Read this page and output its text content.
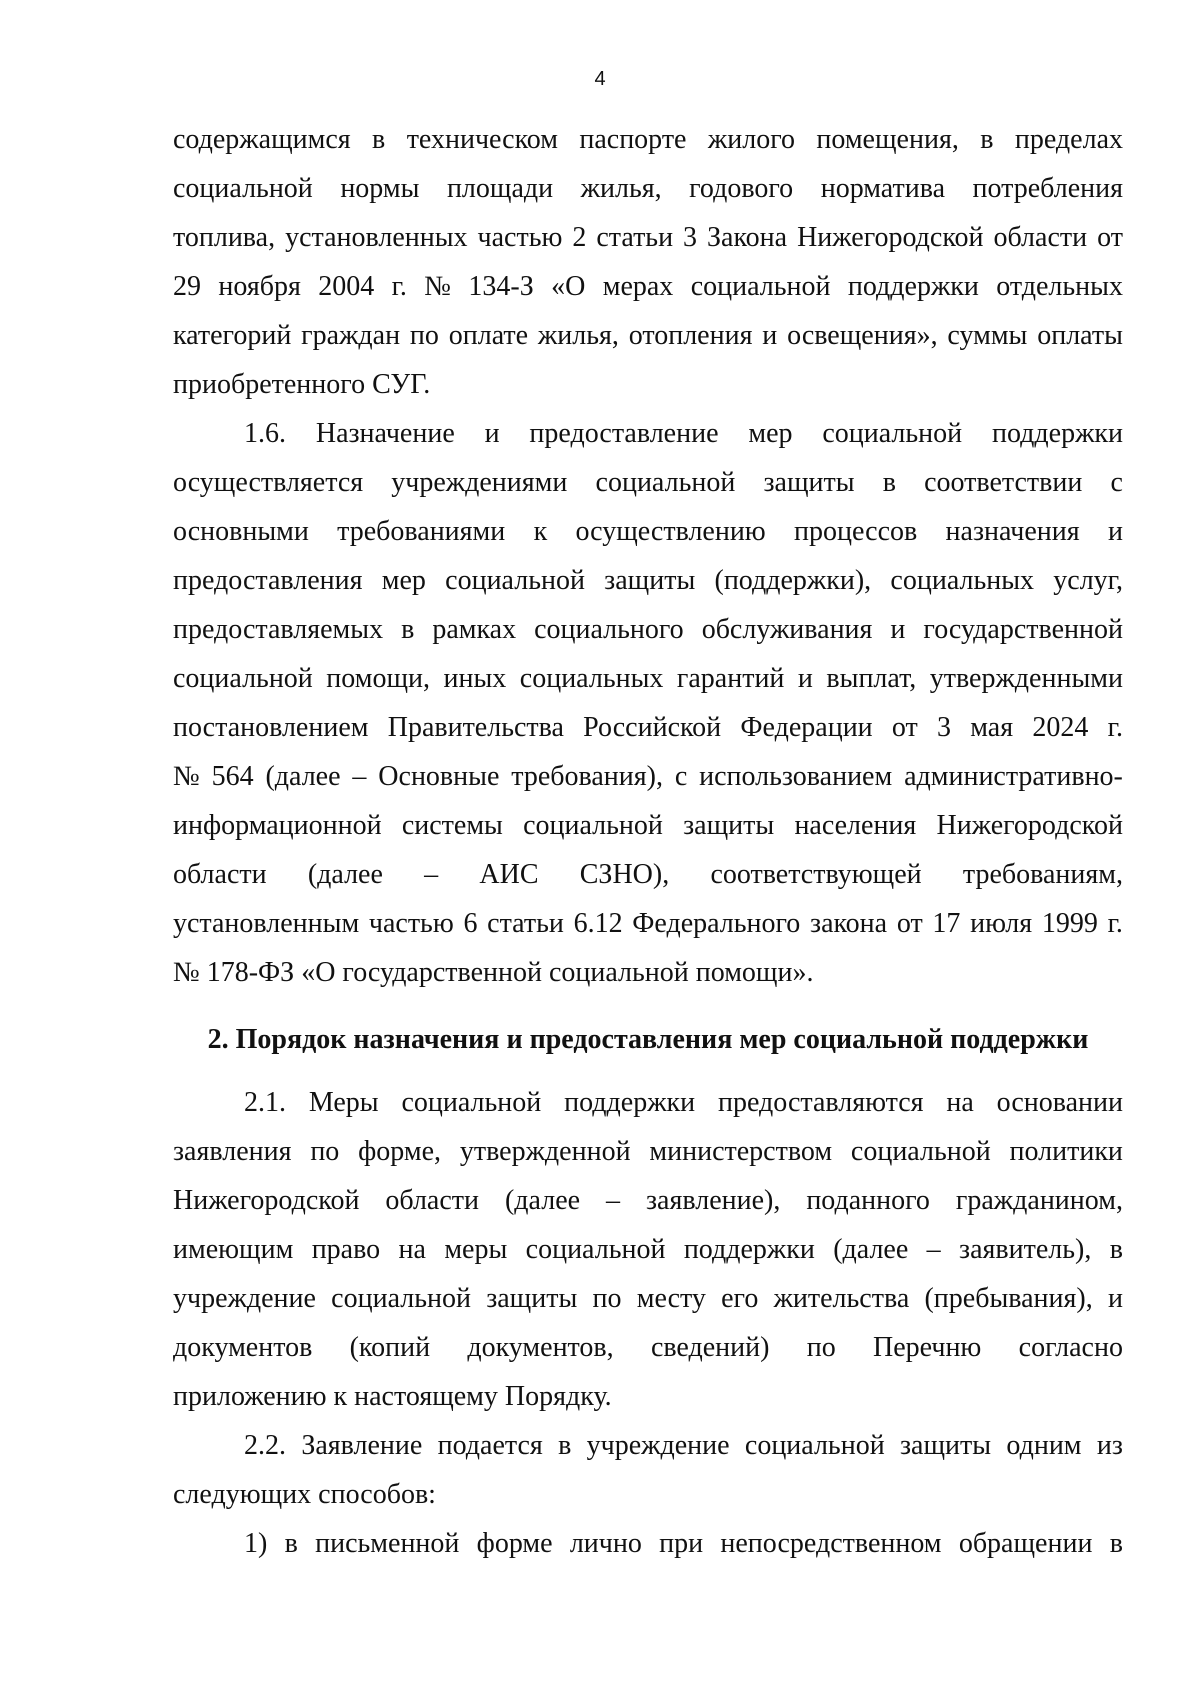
4
содержащимся в техническом паспорте жилого помещения, в пределах
социальной нормы площади жилья, годового норматива потребления
топлива, установленных частью 2 статьи 3 Закона Нижегородской области от
29 ноября 2004 г. № 134-З «О мерах социальной поддержки отдельных
категорий граждан по оплате жилья, отопления и освещения», суммы оплаты
приобретенного СУГ.
1.6. Назначение и предоставление мер социальной поддержки
осуществляется учреждениями социальной защиты в соответствии с
основными требованиями к осуществлению процессов назначения и
предоставления мер социальной защиты (поддержки), социальных услуг,
предоставляемых в рамках социального обслуживания и государственной
социальной помощи, иных социальных гарантий и выплат, утвержденными
постановлением Правительства Российской Федерации от 3 мая 2024 г.
№ 564 (далее – Основные требования), с использованием административно-
информационной системы социальной защиты населения Нижегородской
области (далее – АИС СЗНО), соответствующей требованиям,
установленным частью 6 статьи 6.12 Федерального закона от 17 июля 1999 г.
№ 178-ФЗ «О государственной социальной помощи».
2. Порядок назначения и предоставления мер социальной поддержки
2.1. Меры социальной поддержки предоставляются на основании
заявления по форме, утвержденной министерством социальной политики
Нижегородской области (далее – заявление), поданного гражданином,
имеющим право на меры социальной поддержки (далее – заявитель), в
учреждение социальной защиты по месту его жительства (пребывания), и
документов (копий документов, сведений) по Перечню согласно
приложению к настоящему Порядку.
2.2. Заявление подается в учреждение социальной защиты одним из
следующих способов:
1) в письменной форме лично при непосредственном обращении в
